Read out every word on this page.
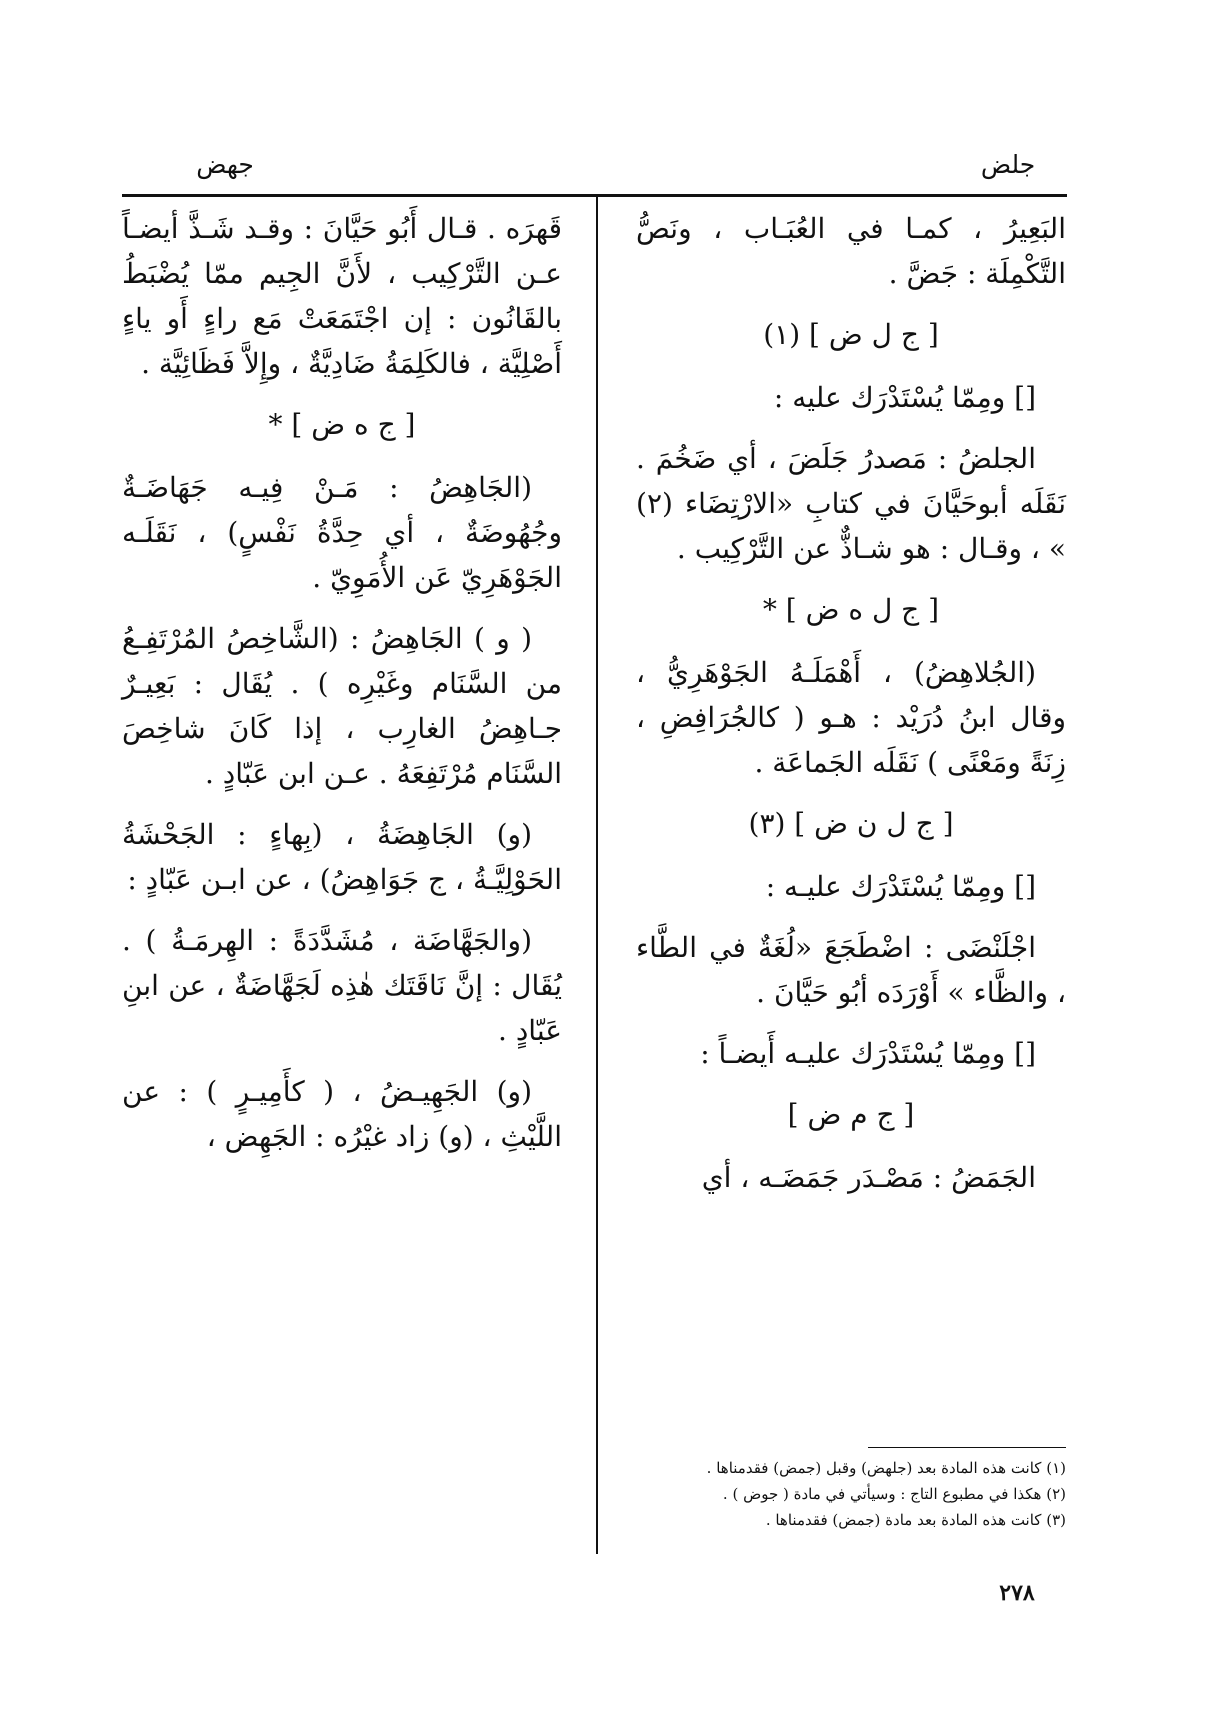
جلض
جهض

البَعِيرُ ، كمـا في العُبَـاب ، ونَصُّ التَّكْمِلَة : جَضَّ .

[ ج ل ض ] (١)

[] ومِمّا يُسْتَدْرَك عليه :

الجلضُ : مَصدرُ جَلَضَ ، أي ضَخُمَ . نَقَلَه أبوحَيَّانَ في كتابِ «الارْتِضَاء (٢) » ، وقـال : هو شـاذٌّ عن التَّرْكِيب .

[ ج ل ه ض ] *

(الجُلاهِضُ) ، أَهْمَلَـهُ الجَوْهَرِيُّ ، وقال ابنُ دُرَيْد : هـو ( كالجُرَافِضِ ، زِنَةً ومَعْنًى ) نَقَلَه الجَماعَة .

[ ج ل ن ض ] (٣)

[] ومِمّا يُسْتَدْرَك عليـه :

اجْلَنْضَى : اضْطَجَعَ «لُغَةٌ في الطَّاء ، والظَّاء » أَوْرَدَه أبُو حَيَّانَ .

[] ومِمّا يُسْتَدْرَك عليـه أَيضـاً :

[ ج م ض ]

الجَمَضُ : مَصْـدَر جَمَضَـه ، أي

(١) كانت هذه المادة بعد (جلهض) وقبل (جمض) فقدمناها .
(٢) هكذا في مطبوع التاج : وسيأتي في مادة ( جوض ) .
(٣) كانت هذه المادة بعد مادة (جمض) فقدمناها .

قَهرَه . قـال أَبُو حَيَّانَ : وقـد شَـذَّ أيضـاً عـن التَّرْكِيب ، لأَنَّ الجِيم ممّا يُضْبَطُ بالقَانُون : إن اجْتَمَعَتْ مَع راءٍ أَو ياءٍ أَصْلِيَّة ، فالكَلِمَةُ ضَادِيَّةٌ ، وإِلاَّ فَظَائِيَّة .

[ ج ه ض ] *

(الجَاهِضُ : مَـنْ فِيـه جَهَاضَـةٌ وجُهُوضَةٌ ، أي حِدَّةُ نَفْسٍ) ، نَقَلَـه الجَوْهَرِيّ عَن الأُمَوِيّ .

( و ) الجَاهِضُ : (الشَّاخِصُ المُرْتَفِـعُ من السَّنَام وغَيْرِه ) . يُقَال : بَعِيـرٌ جـاهِضُ الغارِب ، إذا كَانَ شاخِصَ السَّنَام مُرْتَفِعَهُ . عـن ابن عَبّادٍ .

(و) الجَاهِضَةُ ، (بِهاءٍ : الجَحْشَةُ الحَوْلِيَّـةُ ، ج جَوَاهِضُ) ، عن ابـن عَبّادٍ :

(والجَهَّاضَة ، مُشَدَّدَةً : الهِرمَـةُ ) . يُقَال : إنَّ نَاقَتَك هٰذِه لَجَهَّاضَةٌ ، عن ابنِ عَبّادٍ .

(و) الجَهِيـضُ ، ( كأَمِيـرٍ ) : عن اللَّيْثِ ، (و) زاد غيْرُه : الجَهِض ،

٢٧٨
